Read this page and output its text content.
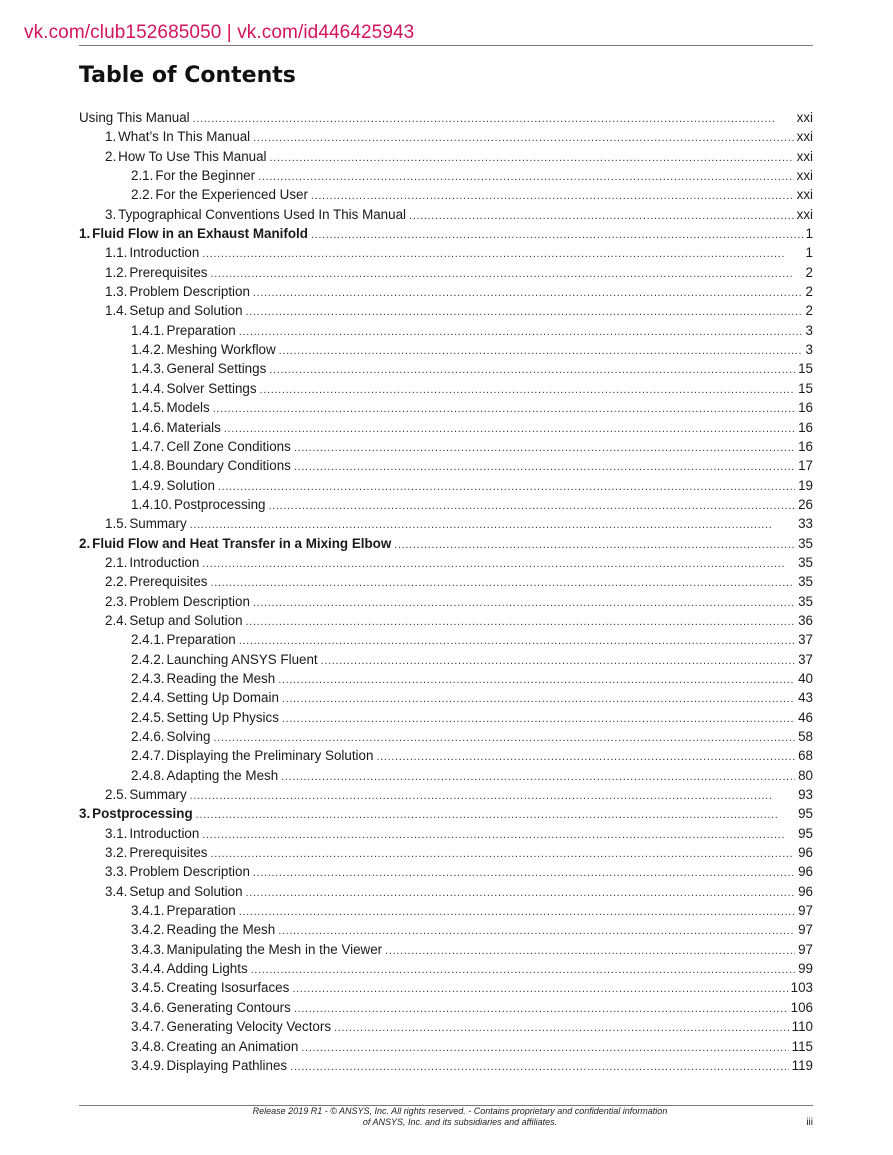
vk.com/club152685050 | vk.com/id446425943
Table of Contents
Using This Manual . . .	xxi
1. What’s In This Manual . . .	xxi
2. How To Use This Manual . . .	xxi
2.1. For the Beginner . . .	xxi
2.2. For the Experienced User . . .	xxi
3. Typographical Conventions Used In This Manual . . .	xxi
1. Fluid Flow in an Exhaust Manifold . . .	1
1.1. Introduction . . .	1
1.2. Prerequisites . . .	2
1.3. Problem Description . . .	2
1.4. Setup and Solution . . .	2
1.4.1. Preparation . . .	3
1.4.2. Meshing Workflow . . .	3
1.4.3. General Settings . . .	15
1.4.4. Solver Settings . . .	15
1.4.5. Models . . .	16
1.4.6. Materials . . .	16
1.4.7. Cell Zone Conditions . . .	16
1.4.8. Boundary Conditions . . .	17
1.4.9. Solution . . .	19
1.4.10. Postprocessing . . .	26
1.5. Summary . . .	33
2. Fluid Flow and Heat Transfer in a Mixing Elbow . . .	35
2.1. Introduction . . .	35
2.2. Prerequisites . . .	35
2.3. Problem Description . . .	35
2.4. Setup and Solution . . .	36
2.4.1. Preparation . . .	37
2.4.2. Launching ANSYS Fluent . . .	37
2.4.3. Reading the Mesh . . .	40
2.4.4. Setting Up Domain . . .	43
2.4.5. Setting Up Physics . . .	46
2.4.6. Solving . . .	58
2.4.7. Displaying the Preliminary Solution . . .	68
2.4.8. Adapting the Mesh . . .	80
2.5. Summary . . .	93
3. Postprocessing . . .	95
3.1. Introduction . . .	95
3.2. Prerequisites . . .	96
3.3. Problem Description . . .	96
3.4. Setup and Solution . . .	96
3.4.1. Preparation . . .	97
3.4.2. Reading the Mesh . . .	97
3.4.3. Manipulating the Mesh in the Viewer . . .	97
3.4.4. Adding Lights . . .	99
3.4.5. Creating Isosurfaces . . .	103
3.4.6. Generating Contours . . .	106
3.4.7. Generating Velocity Vectors . . .	110
3.4.8. Creating an Animation . . .	115
3.4.9. Displaying Pathlines . . .	119
Release 2019 R1 - © ANSYS, Inc. All rights reserved. - Contains proprietary and confidential information
of ANSYS, Inc. and its subsidiaries and affiliates.	iii
